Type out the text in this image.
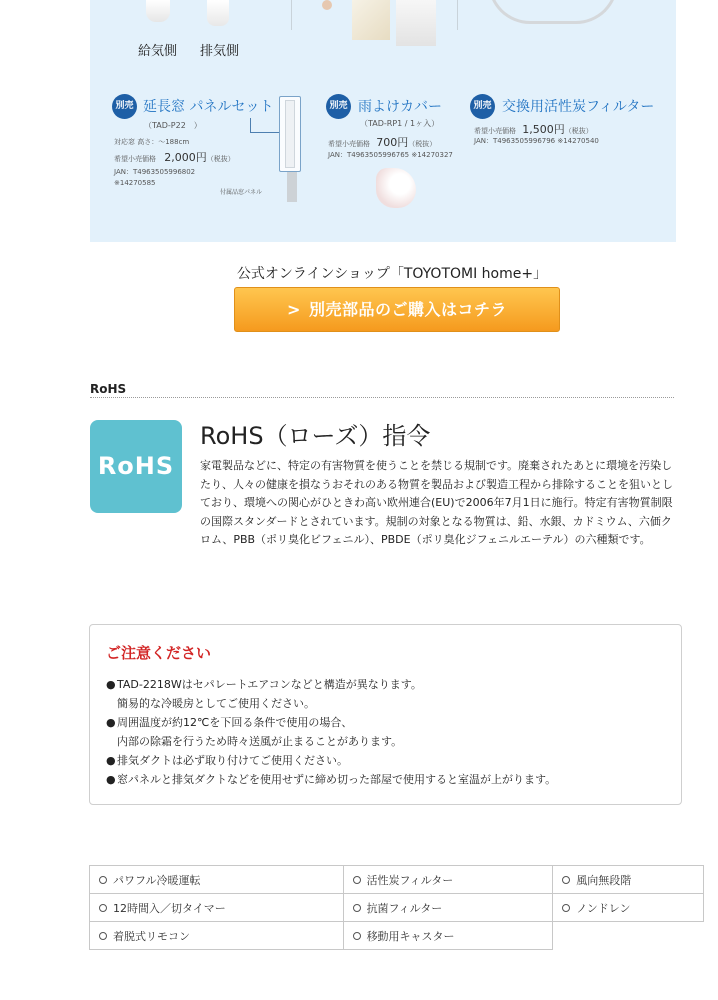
給気側 排気側
別売 延長窓 パネルセット
（TAD-P22　）
対応窓 高さ：〜188cm
希望小売価格 2,000円（税抜）
JAN：T4963505996802
※14270585
付属品窓パネル
別売 雨よけカバー
（TAD-RP1 / 1ヶ入）
希望小売価格 700円（税抜）
JAN：T4963505996765 ※14270327
別売 交換用活性炭フィルター
希望小売価格 1,500円（税抜）
JAN：T4963505996796 ※14270540
公式オンラインショップ「TOYOTOMI home+」
> 別売部品のご購入はコチラ
RoHS
RoHS
RoHS（ローズ）指令
家電製品などに、特定の有害物質を使うことを禁じる規制です。廃棄されたあとに環境を汚染したり、人々の健康を損なうおそれのある物質を製品および製造工程から排除することを狙いとしており、環境への関心がひときわ高い欧州連合(EU)で2006年7月1日に施行。特定有害物質制限の国際スタンダードとされています。規制の対象となる物質は、鉛、水銀、カドミウム、六価クロム、PBB（ポリ臭化ビフェニル）、PBDE（ポリ臭化ジフェニルエーテル）の六種類です。
ご注意ください
●TAD-2218Wはセパレートエアコンなどと構造が異なります。
簡易的な冷暖房としてご使用ください。
●周囲温度が約12℃を下回る条件で使用の場合、
内部の除霜を行うため時々送風が止まることがあります。
●排気ダクトは必ず取り付けてご使用ください。
●窓パネルと排気ダクトなどを使用せずに締め切った部屋で使用すると室温が上がります。
パワフル冷暖運転	活性炭フィルター	風向無段階
12時間入／切タイマー	抗菌フィルター	ノンドレン
着脱式リモコン	移動用キャスター	
